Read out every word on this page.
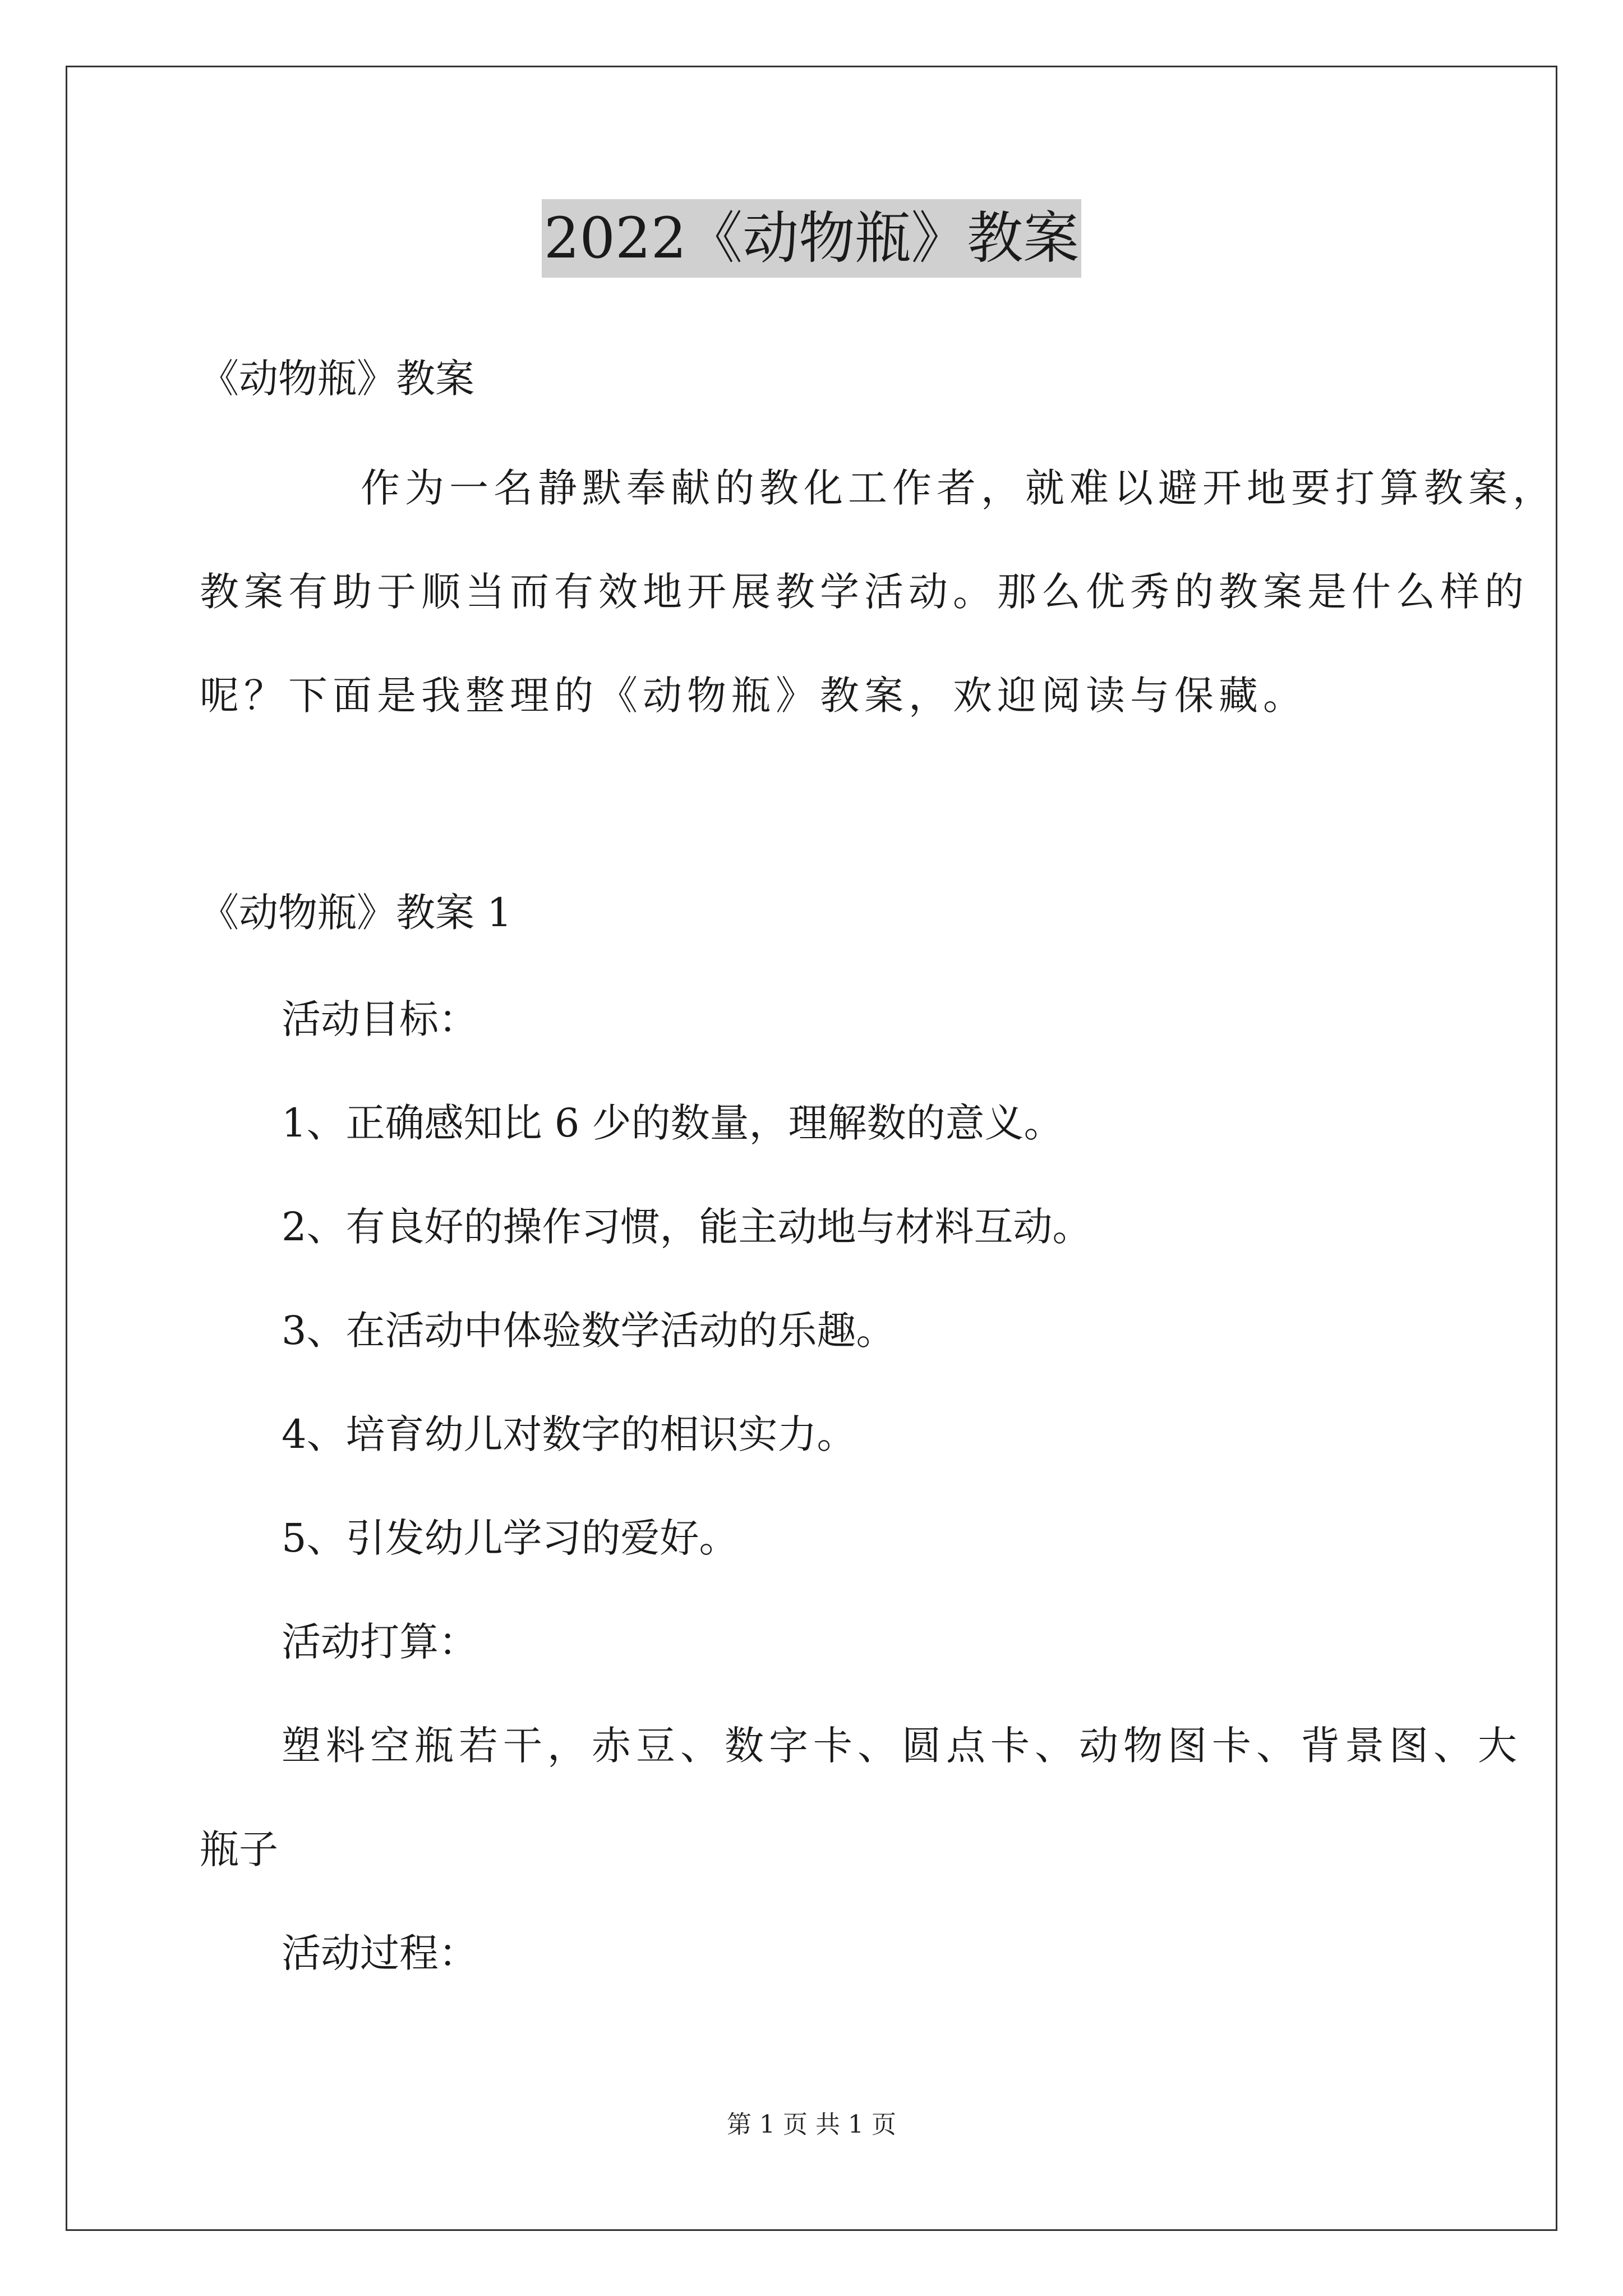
2022《动物瓶》教案
《动物瓶》教案
作为一名静默奉献的教化工作者，就难以避开地要打算教案，
教案有助于顺当而有效地开展教学活动。那么优秀的教案是什么样的
呢？下面是我整理的《动物瓶》教案，欢迎阅读与保藏。
《动物瓶》教案 1
活动目标：
1、正确感知比 6 少的数量，理解数的意义。
2、有良好的操作习惯，能主动地与材料互动。
3、在活动中体验数学活动的乐趣。
4、培育幼儿对数字的相识实力。
5、引发幼儿学习的爱好。
活动打算：
塑料空瓶若干，赤豆、数字卡、圆点卡、动物图卡、背景图、大
瓶子
活动过程：
第 1 页 共 1 页
